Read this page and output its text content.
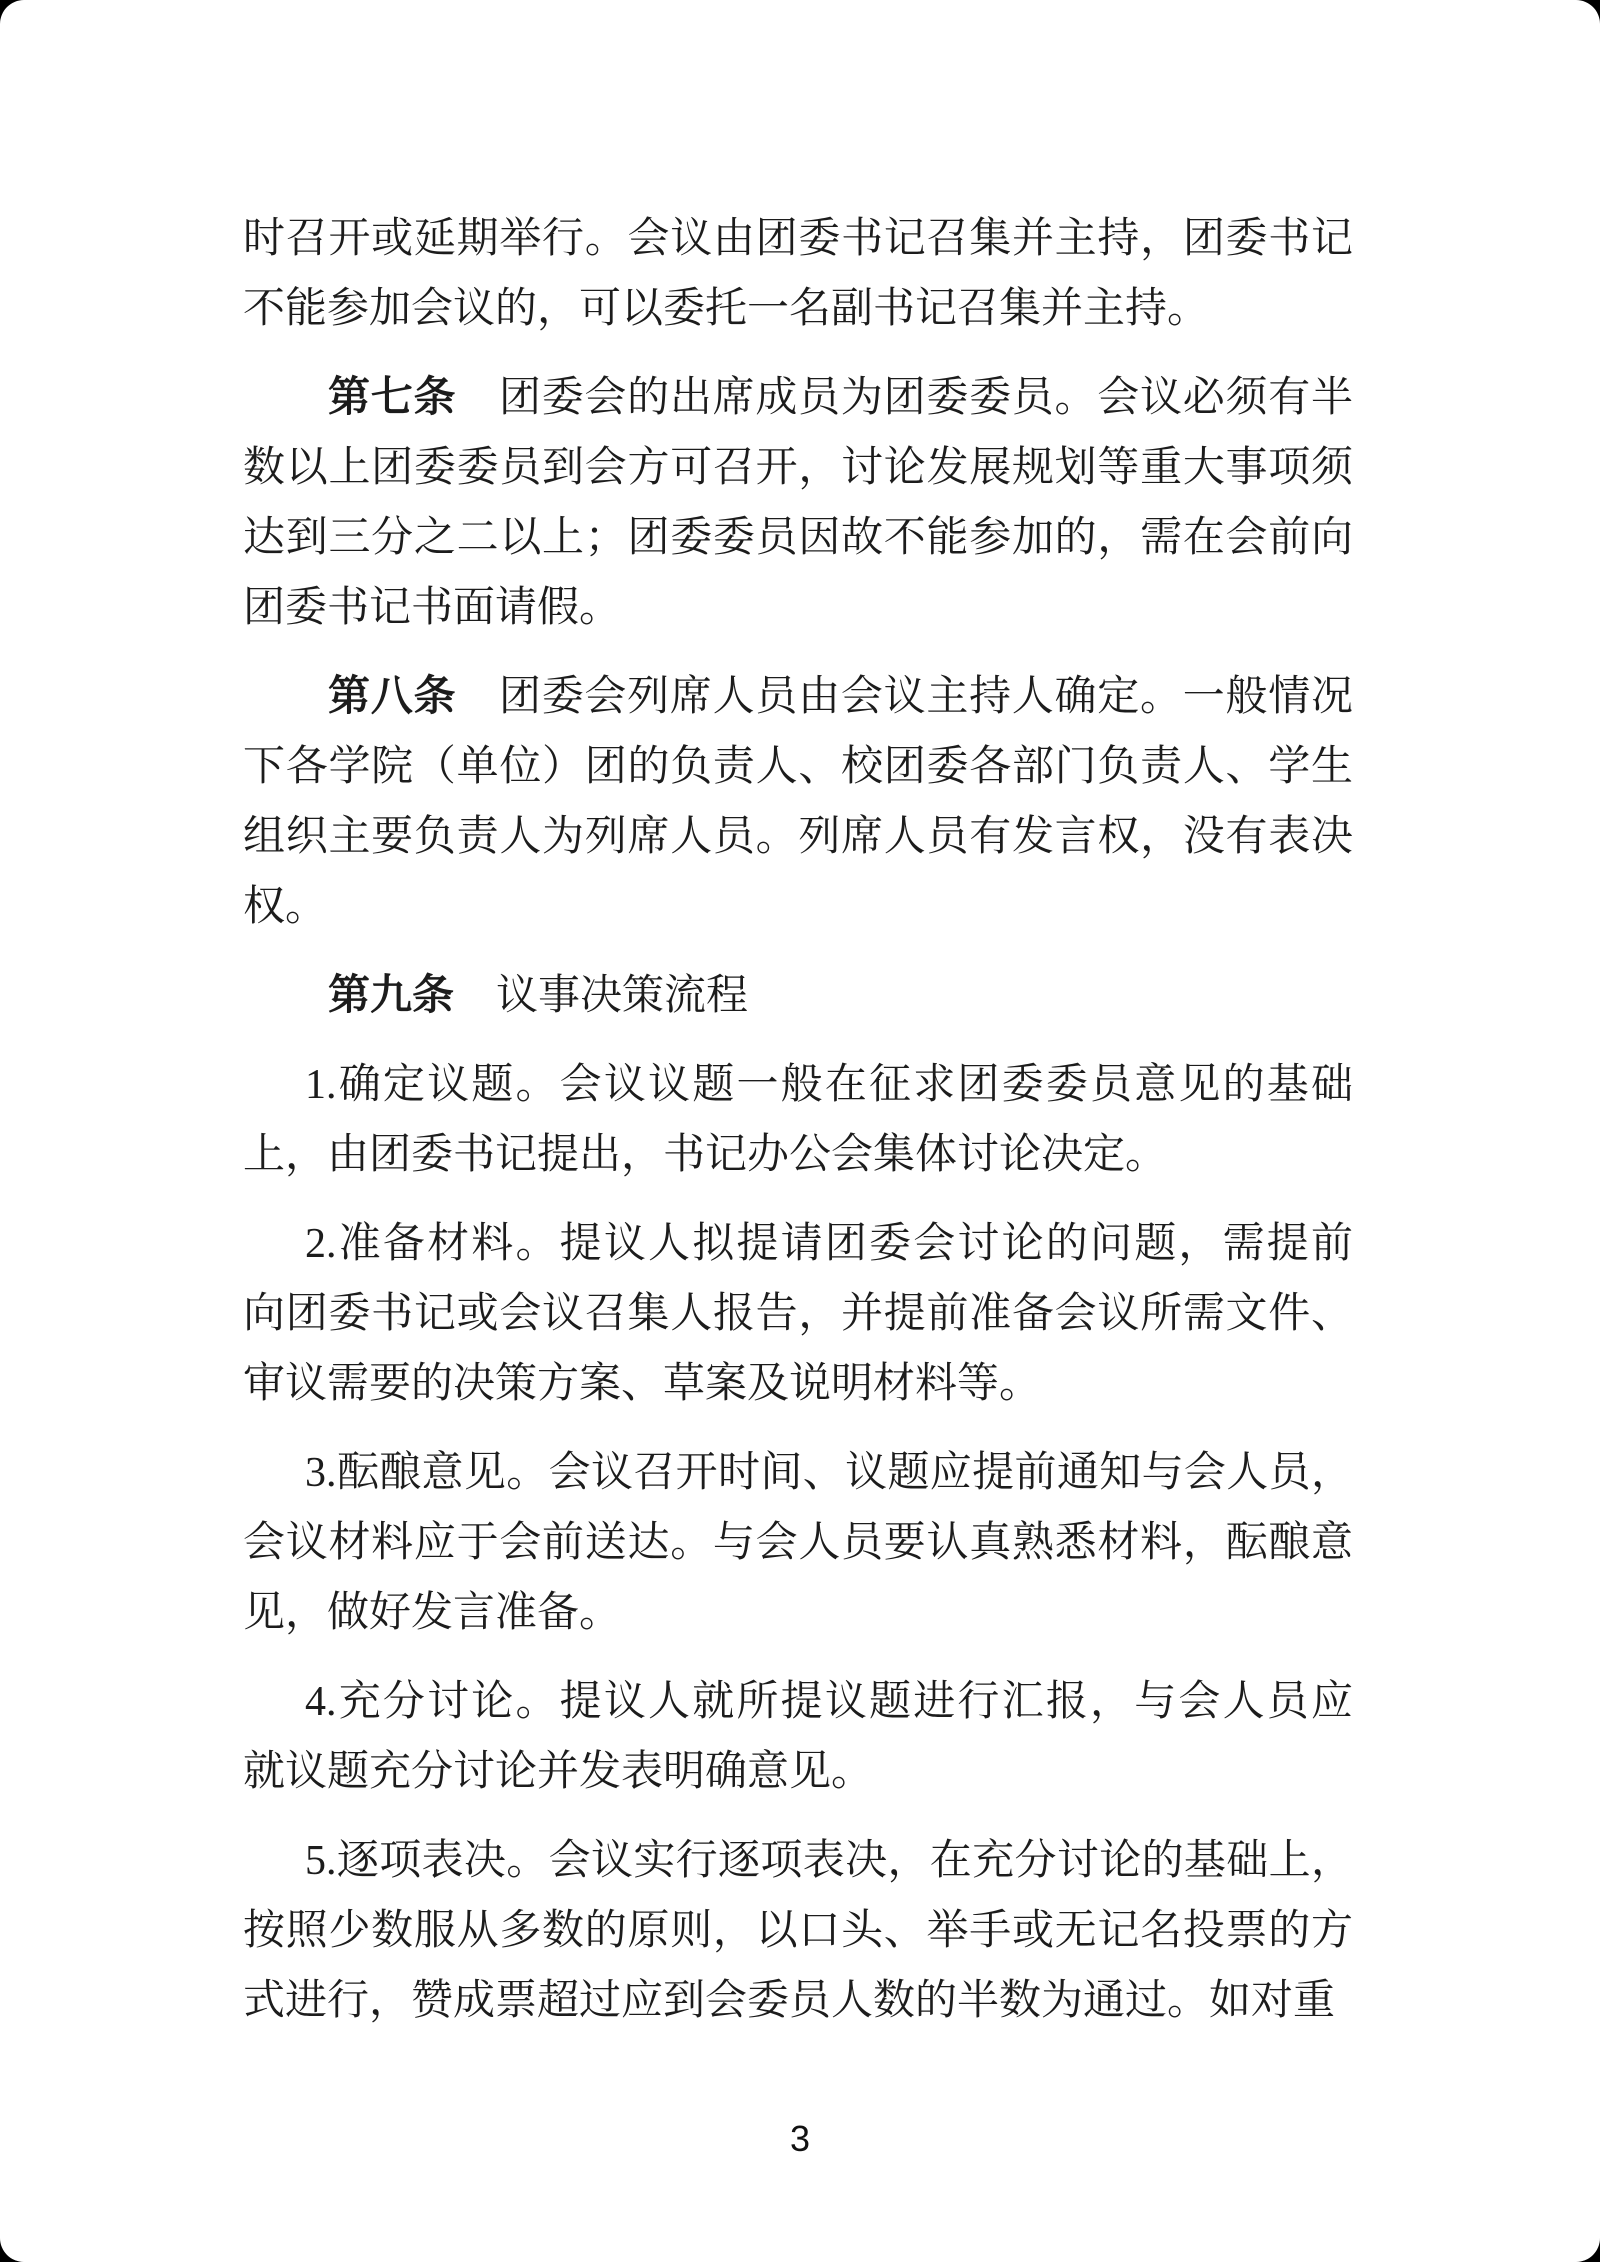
时召开或延期举行。会议由团委书记召集并主持，团委书记
不能参加会议的，可以委托一名副书记召集并主持。

第七条　团委会的出席成员为团委委员。会议必须有半
数以上团委委员到会方可召开，讨论发展规划等重大事项须
达到三分之二以上；团委委员因故不能参加的，需在会前向
团委书记书面请假。

第八条　团委会列席人员由会议主持人确定。一般情况
下各学院（单位）团的负责人、校团委各部门负责人、学生
组织主要负责人为列席人员。列席人员有发言权，没有表决
权。

第九条　议事决策流程

1.确定议题。会议议题一般在征求团委委员意见的基础
上，由团委书记提出，书记办公会集体讨论决定。

2.准备材料。提议人拟提请团委会讨论的问题，需提前
向团委书记或会议召集人报告，并提前准备会议所需文件、
审议需要的决策方案、草案及说明材料等。

3.酝酿意见。会议召开时间、议题应提前通知与会人员，
会议材料应于会前送达。与会人员要认真熟悉材料，酝酿意
见，做好发言准备。

4.充分讨论。提议人就所提议题进行汇报，与会人员应
就议题充分讨论并发表明确意见。

5.逐项表决。会议实行逐项表决，在充分讨论的基础上，
按照少数服从多数的原则，以口头、举手或无记名投票的方
式进行，赞成票超过应到会委员人数的半数为通过。如对重

3
